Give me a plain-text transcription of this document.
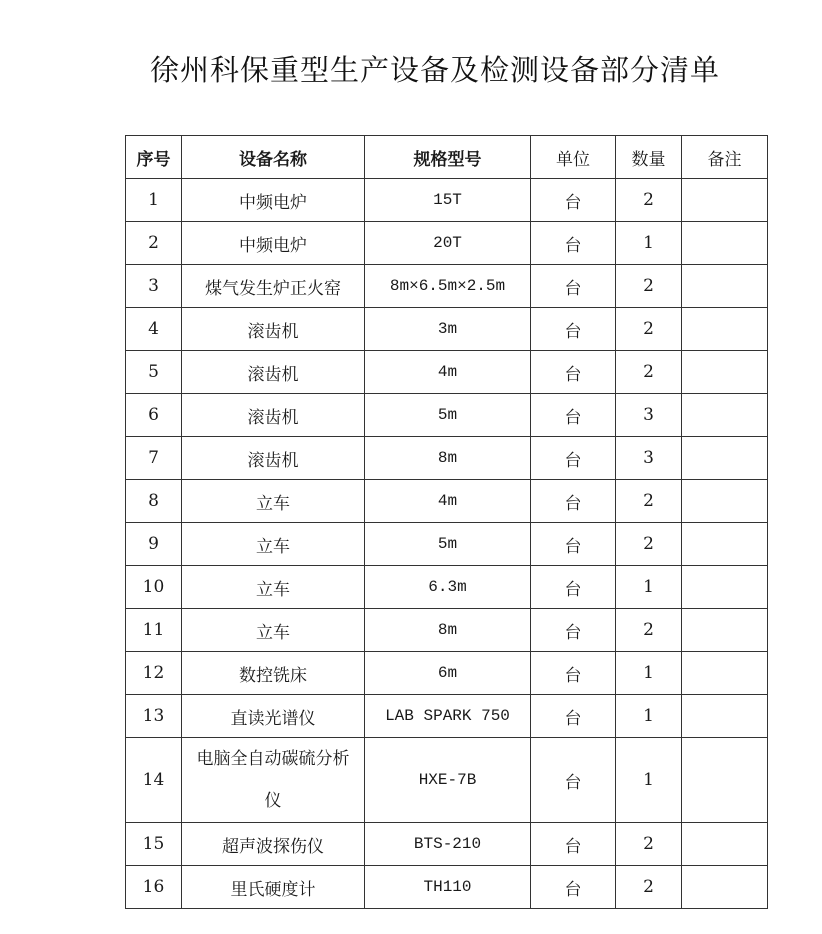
徐州科保重型生产设备及检测设备部分清单
序号	设备名称	规格型号	单位	数量	备注
1	中频电炉	15T	台	2	
2	中频电炉	20T	台	1	
3	煤气发生炉正火窑	8m×6.5m×2.5m	台	2	
4	滚齿机	3m	台	2	
5	滚齿机	4m	台	2	
6	滚齿机	5m	台	3	
7	滚齿机	8m	台	3	
8	立车	4m	台	2	
9	立车	5m	台	2	
10	立车	6.3m	台	1	
11	立车	8m	台	2	
12	数控铣床	6m	台	1	
13	直读光谱仪	LAB SPARK 750	台	1	
14	电脑全自动碳硫分析仪	HXE-7B	台	1	
15	超声波探伤仪	BTS-210	台	2	
16	里氏硬度计	TH110	台	2	
